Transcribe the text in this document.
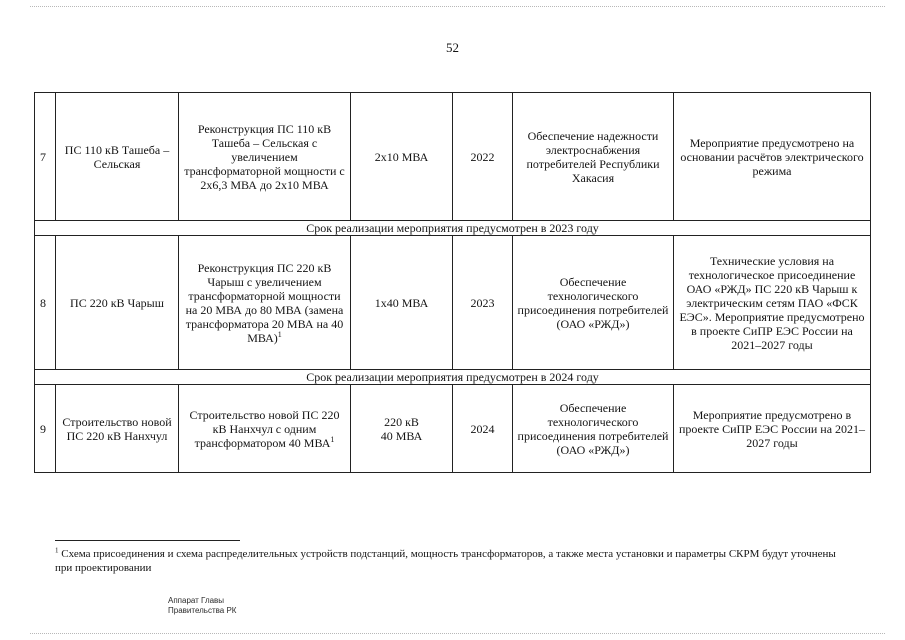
52
7	ПС 110 кВ Ташеба – Сельская	Реконструкция ПС 110 кВ Ташеба – Сельская с увеличением трансформаторной мощности с 2х6,3 МВА до 2х10 МВА	2х10 МВА	2022	Обеспечение надежности электроснабжения потребителей Республики Хакасия	Мероприятие предусмотрено на основании расчётов электрического режима
Срок реализации мероприятия предусмотрен в 2023 году						
8	ПС 220 кВ Чарыш	Реконструкция ПС 220 кВ Чарыш с увеличением трансформаторной мощности на 20 МВА до 80 МВА (замена трансформатора 20 МВА на 40 МВА)$^1$	1х40 МВА	2023	Обеспечение технологического присоединения потребителей (ОАО «РЖД»)	Технические условия на технологическое присоединение ОАО «РЖД» ПС 220 кВ Чарыш к электрическим сетям ПАО «ФСК ЕЭС». Мероприятие предусмотрено в проекте СиПР ЕЭС России на 2021–2027 годы
Срок реализации мероприятия предусмотрен в 2024 году						
9	Строительство новой ПС 220 кВ Нанхчул	Строительство новой ПС 220 кВ Нанхчул с одним трансформатором 40 МВА$^1$	220 кВ
40 МВА	2024	Обеспечение технологического присоединения потребителей (ОАО «РЖД»)	Мероприятие предусмотрено в проекте СиПР ЕЭС России на 2021–2027 годы
$^1$ Схема присоединения и схема распределительных устройств подстанций, мощность трансформаторов, а также места установки и параметры СКРМ будут уточнены при проектировании
Аппарат Главы
Правительства РК
